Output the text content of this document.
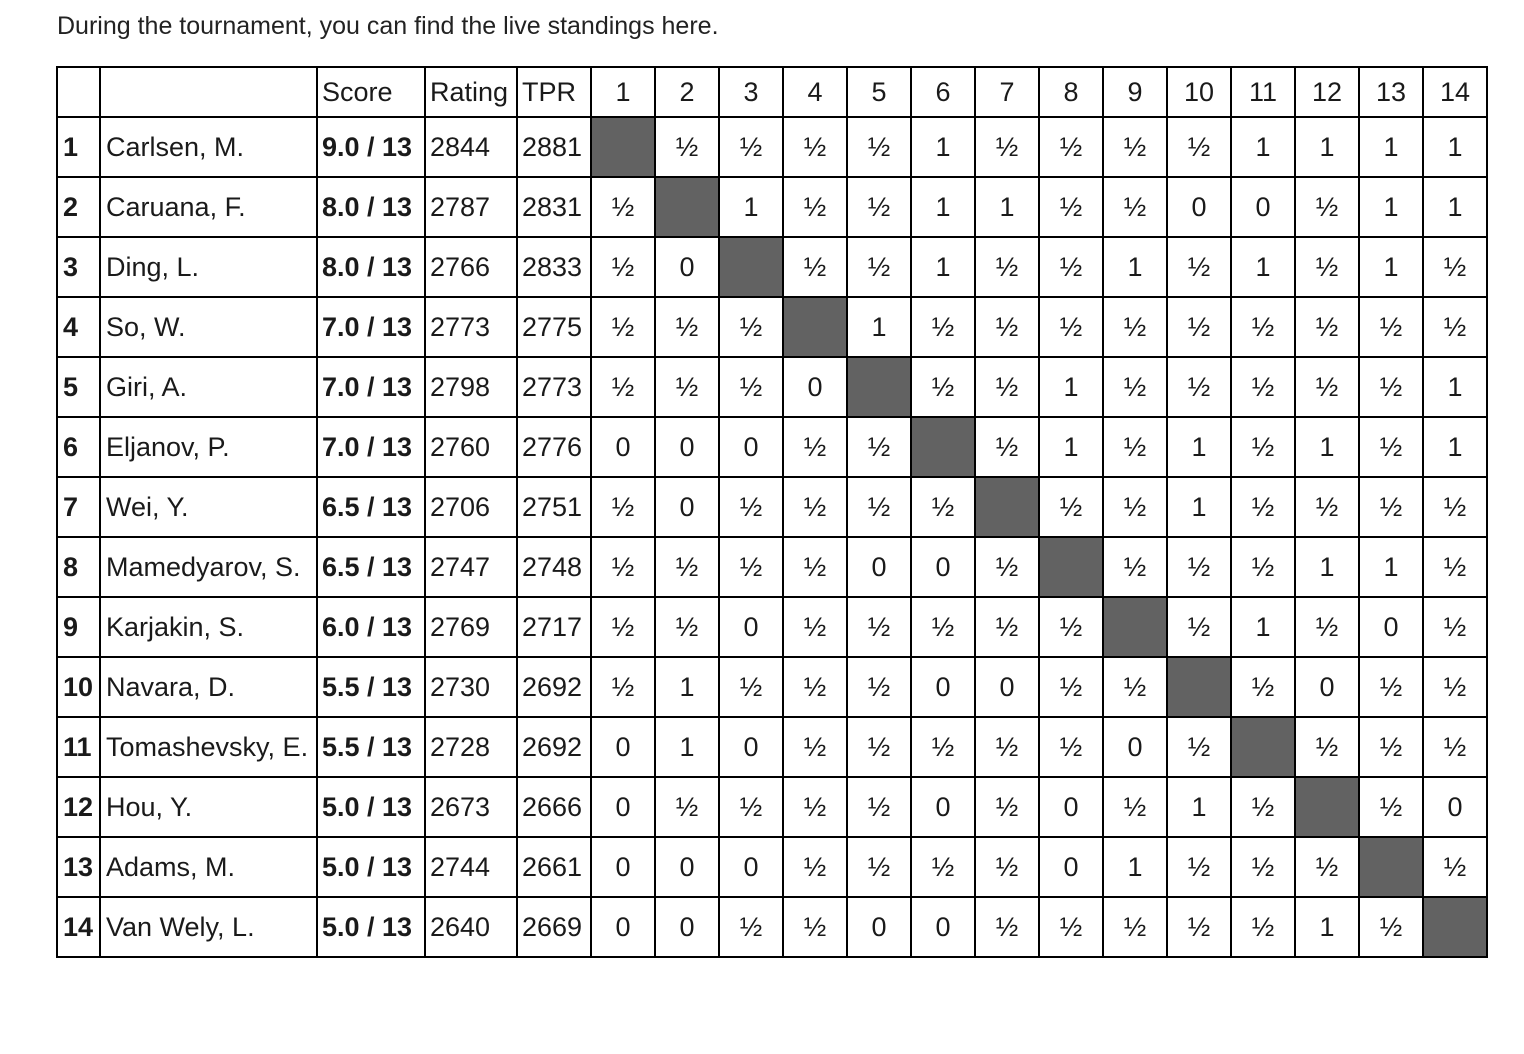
During the tournament, you can find the live standings here.
		Score	Rating	TPR	1	2	3	4	5	6	7	8	9	10	11	12	13	14
1	Carlsen, M.	9.0 / 13	2844	2881		½	½	½	½	1	½	½	½	½	1	1	1	1
2	Caruana, F.	8.0 / 13	2787	2831	½		1	½	½	1	1	½	½	0	0	½	1	1
3	Ding, L.	8.0 / 13	2766	2833	½	0		½	½	1	½	½	1	½	1	½	1	½
4	So, W.	7.0 / 13	2773	2775	½	½	½		1	½	½	½	½	½	½	½	½	½
5	Giri, A.	7.0 / 13	2798	2773	½	½	½	0		½	½	1	½	½	½	½	½	1
6	Eljanov, P.	7.0 / 13	2760	2776	0	0	0	½	½		½	1	½	1	½	1	½	1
7	Wei, Y.	6.5 / 13	2706	2751	½	0	½	½	½	½		½	½	1	½	½	½	½
8	Mamedyarov, S.	6.5 / 13	2747	2748	½	½	½	½	0	0	½		½	½	½	1	1	½
9	Karjakin, S.	6.0 / 13	2769	2717	½	½	0	½	½	½	½	½		½	1	½	0	½
10	Navara, D.	5.5 / 13	2730	2692	½	1	½	½	½	0	0	½	½		½	0	½	½
11	Tomashevsky, E.	5.5 / 13	2728	2692	0	1	0	½	½	½	½	½	0	½		½	½	½
12	Hou, Y.	5.0 / 13	2673	2666	0	½	½	½	½	0	½	0	½	1	½		½	0
13	Adams, M.	5.0 / 13	2744	2661	0	0	0	½	½	½	½	0	1	½	½	½		½
14	Van Wely, L.	5.0 / 13	2640	2669	0	0	½	½	0	0	½	½	½	½	½	1	½	
